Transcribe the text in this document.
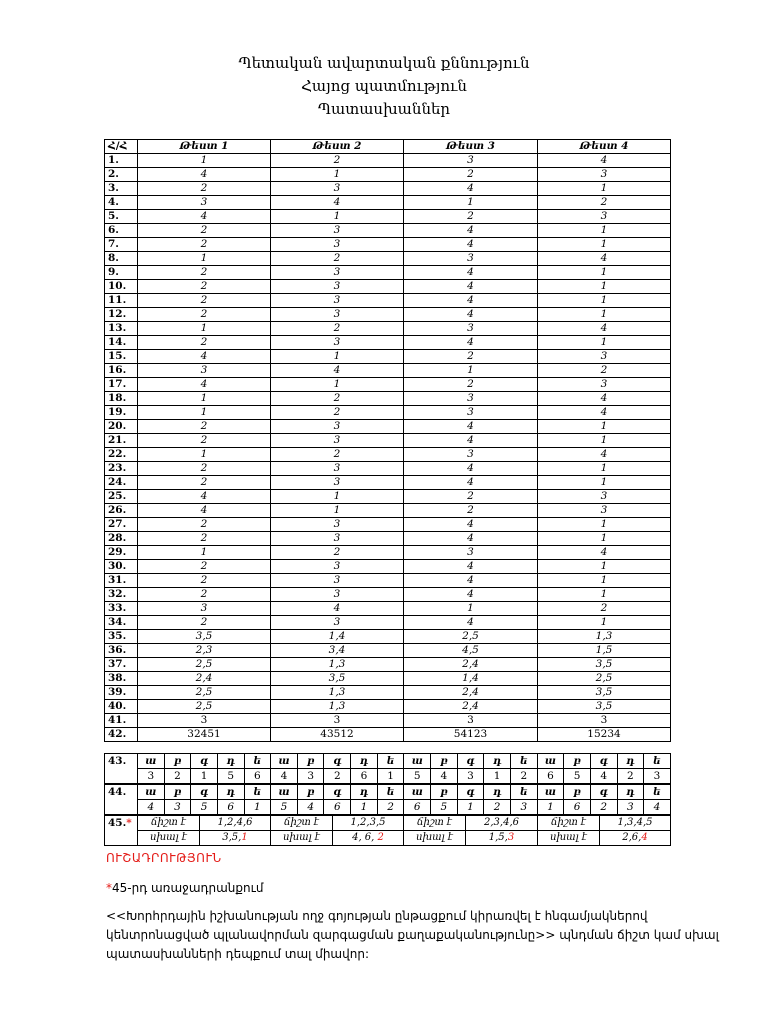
Պետական ավարտական քննություն
Հայոց պատմություն
Պատասխաններ
Հ/Հ	Թեստ 1	Թեստ 2	Թեստ 3	Թեստ 4
1.	1	2	3	4
2.	4	1	2	3
3.	2	3	4	1
4.	3	4	1	2
5.	4	1	2	3
6.	2	3	4	1
7.	2	3	4	1
8.	1	2	3	4
9.	2	3	4	1
10.	2	3	4	1
11.	2	3	4	1
12.	2	3	4	1
13.	1	2	3	4
14.	2	3	4	1
15.	4	1	2	3
16.	3	4	1	2
17.	4	1	2	3
18.	1	2	3	4
19.	1	2	3	4
20.	2	3	4	1
21.	2	3	4	1
22.	1	2	3	4
23.	2	3	4	1
24.	2	3	4	1
25.	4	1	2	3
26.	4	1	2	3
27.	2	3	4	1
28.	2	3	4	1
29.	1	2	3	4
30.	2	3	4	1
31.	2	3	4	1
32.	2	3	4	1
33.	3	4	1	2
34.	2	3	4	1
35.	3,5	1,4	2,5	1,3
36.	2,3	3,4	4,5	1,5
37.	2,5	1,3	2,4	3,5
38.	2,4	3,5	1,4	2,5
39.	2,5	1,3	2,4	3,5
40.	2,5	1,3	2,4	3,5
41.	3	3	3	3
42.	32451	43512	54123	15234
43.	ա	բ	գ	դ	ե	ա	բ	գ	դ	ե	ա	բ	գ	դ	ե	ա	բ	գ	դ	ե
	3	2	1	5	6	4	3	2	6	1	5	4	3	1	2	6	5	4	2	3
44.	ա	բ	գ	դ	ե	ա	բ	գ	դ	ե	ա	բ	գ	դ	ե	ա	բ	գ	դ	ե
	4	3	5	6	1	5	4	6	1	2	6	5	1	2	3	1	6	2	3	4
45.*	ճիշտ է	1,2,4,6	ճիշտ է	1,2,3,5	ճիշտ է	2,3,4,6	ճիշտ է	1,3,4,5
	սխալ է	3,5,1	սխալ է	4, 6, 2	սխալ է	1,5,3	սխալ է	2,6,4
ՈՒՇԱԴՐՈՒԹՅՈՒՆ
*45-րդ առաջադրանքում
<<Խորհրդային իշխանության ողջ գոյության ընթացքում կիրառվել է հնգամյակներով կենտրոնացված պլանավորման զարգացման քաղաքականությունը>> պնդման ճիշտ կամ սխալ պատասխանների դեպքում տալ միավոր:
